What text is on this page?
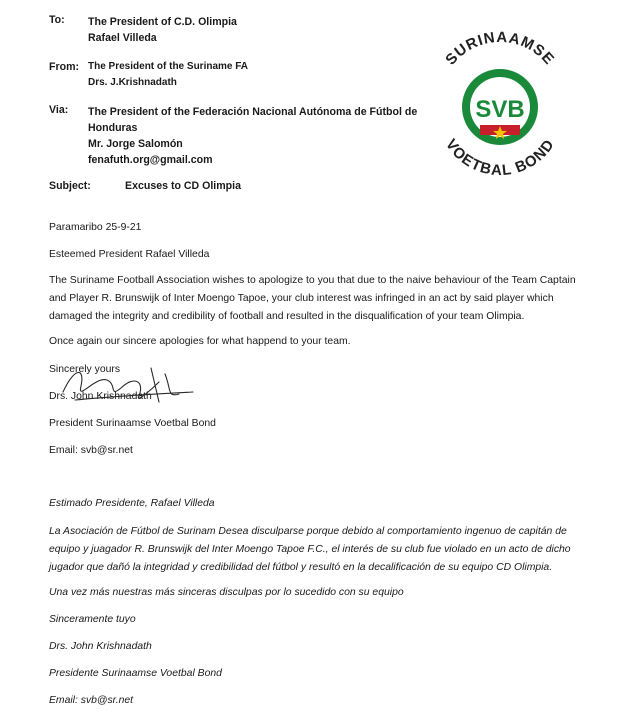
To: The President of C.D. Olimpia
Rafael Villeda
From: The President of the Suriname FA
Drs. J.Krishnadath
Via: The President of the Federación Nacional Autónoma de Fútbol de
Honduras
Mr. Jorge Salomón
fenafuth.org@gmail.com
Subject:	Excuses to CD Olimpia
SURINAAMSE
VOETBAL BOND
SVB
Paramaribo 25-9-21
Esteemed President Rafael Villeda
The Suriname Football Association wishes to apologize to you that due to the naive behaviour of the Team Captain and Player R. Brunswijk of Inter Moengo Tapoe, your club interest was infringed in an act by said player which damaged the integrity and credibility of football and resulted in the disqualification of your team Olimpia.
Once again our sincere apologies for what happend to your team.
Sincerely yours
Drs. John Krishnadath
President Surinaamse Voetbal Bond
Email: svb@sr.net
Estimado Presidente, Rafael Villeda
La Asociación de Fútbol de Surinam Desea disculparse porque debido al comportamiento ingenuo de capitán de equipo y juagador R. Brunswijk del Inter Moengo Tapoe F.C., el interés de su club fue violado en un acto de dicho jugador que dañó la integridad y credibilidad del fútbol y resultó en la decalificación de su equipo CD Olimpia.
Una vez más nuestras más sinceras disculpas por lo sucedido con su equipo
Sinceramente tuyo
Drs. John Krishnadath
Presidente Surinaamse Voetbal Bond
Email: svb@sr.net
